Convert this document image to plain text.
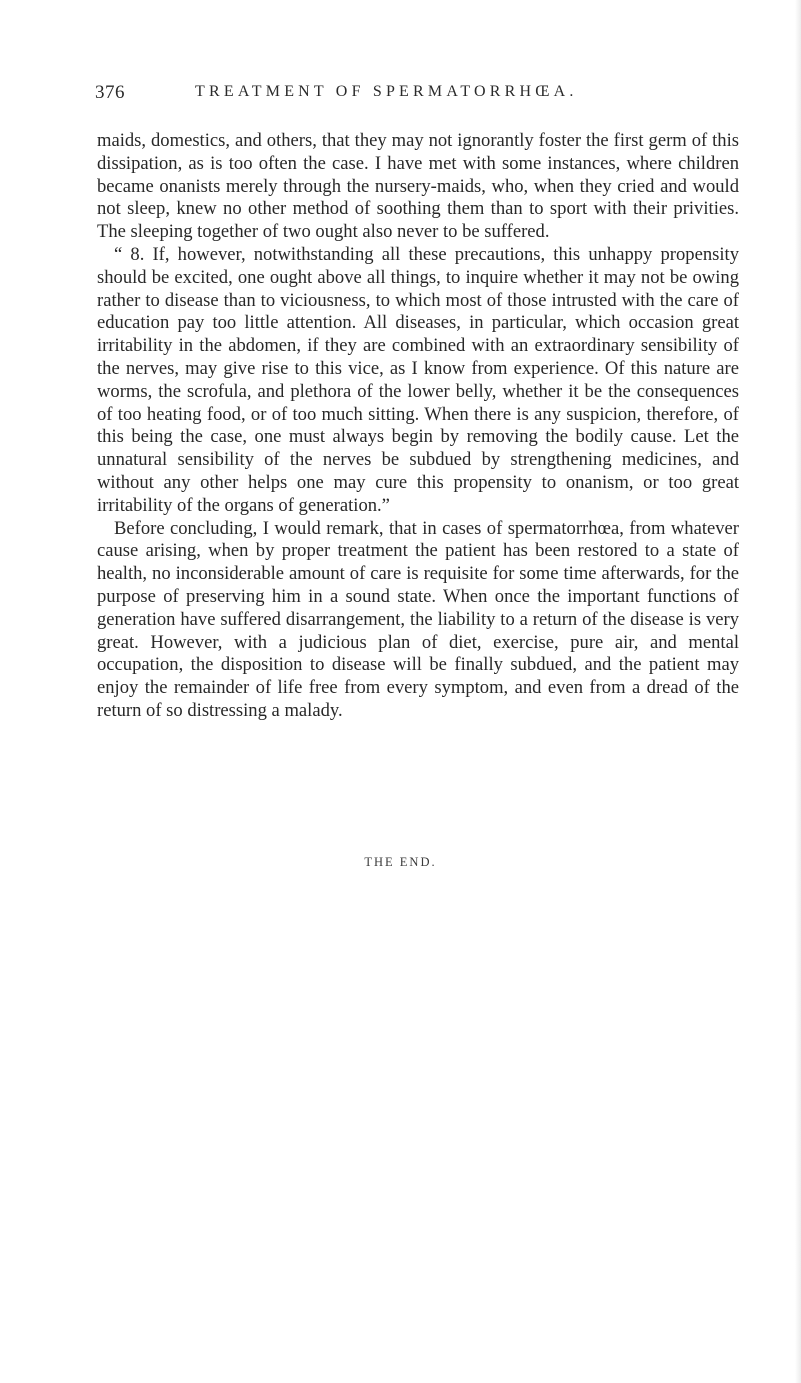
376	TREATMENT OF SPERMATORRHŒA.

maids, domestics, and others, that they may not ignorantly foster the first germ of this dissipation, as is too often the case. I have met with some instances, where children became onanists merely through the nursery-maids, who, when they cried and would not sleep, knew no other method of soothing them than to sport with their privities. The sleeping together of two ought also never to be suffered.

“ 8. If, however, notwithstanding all these precautions, this unhappy propensity should be excited, one ought above all things, to inquire whether it may not be owing rather to disease than to viciousness, to which most of those intrusted with the care of education pay too little attention. All diseases, in particular, which occasion great irritability in the abdomen, if they are combined with an extraordinary sensibility of the nerves, may give rise to this vice, as I know from experience. Of this nature are worms, the scrofula, and plethora of the lower belly, whether it be the consequences of too heating food, or of too much sitting. When there is any suspicion, therefore, of this being the case, one must always begin by removing the bodily cause. Let the unnatural sensibility of the nerves be subdued by strengthening medicines, and without any other helps one may cure this propensity to onanism, or too great irritability of the organs of generation.”

Before concluding, I would remark, that in cases of spermatorrhœa, from whatever cause arising, when by proper treatment the patient has been restored to a state of health, no inconsiderable amount of care is requisite for some time afterwards, for the purpose of preserving him in a sound state. When once the important functions of generation have suffered disarrangement, the liability to a return of the disease is very great. However, with a judicious plan of diet, exercise, pure air, and mental occupation, the disposition to disease will be finally subdued, and the patient may enjoy the remainder of life free from every symptom, and even from a dread of the return of so distressing a malady.

THE END.
